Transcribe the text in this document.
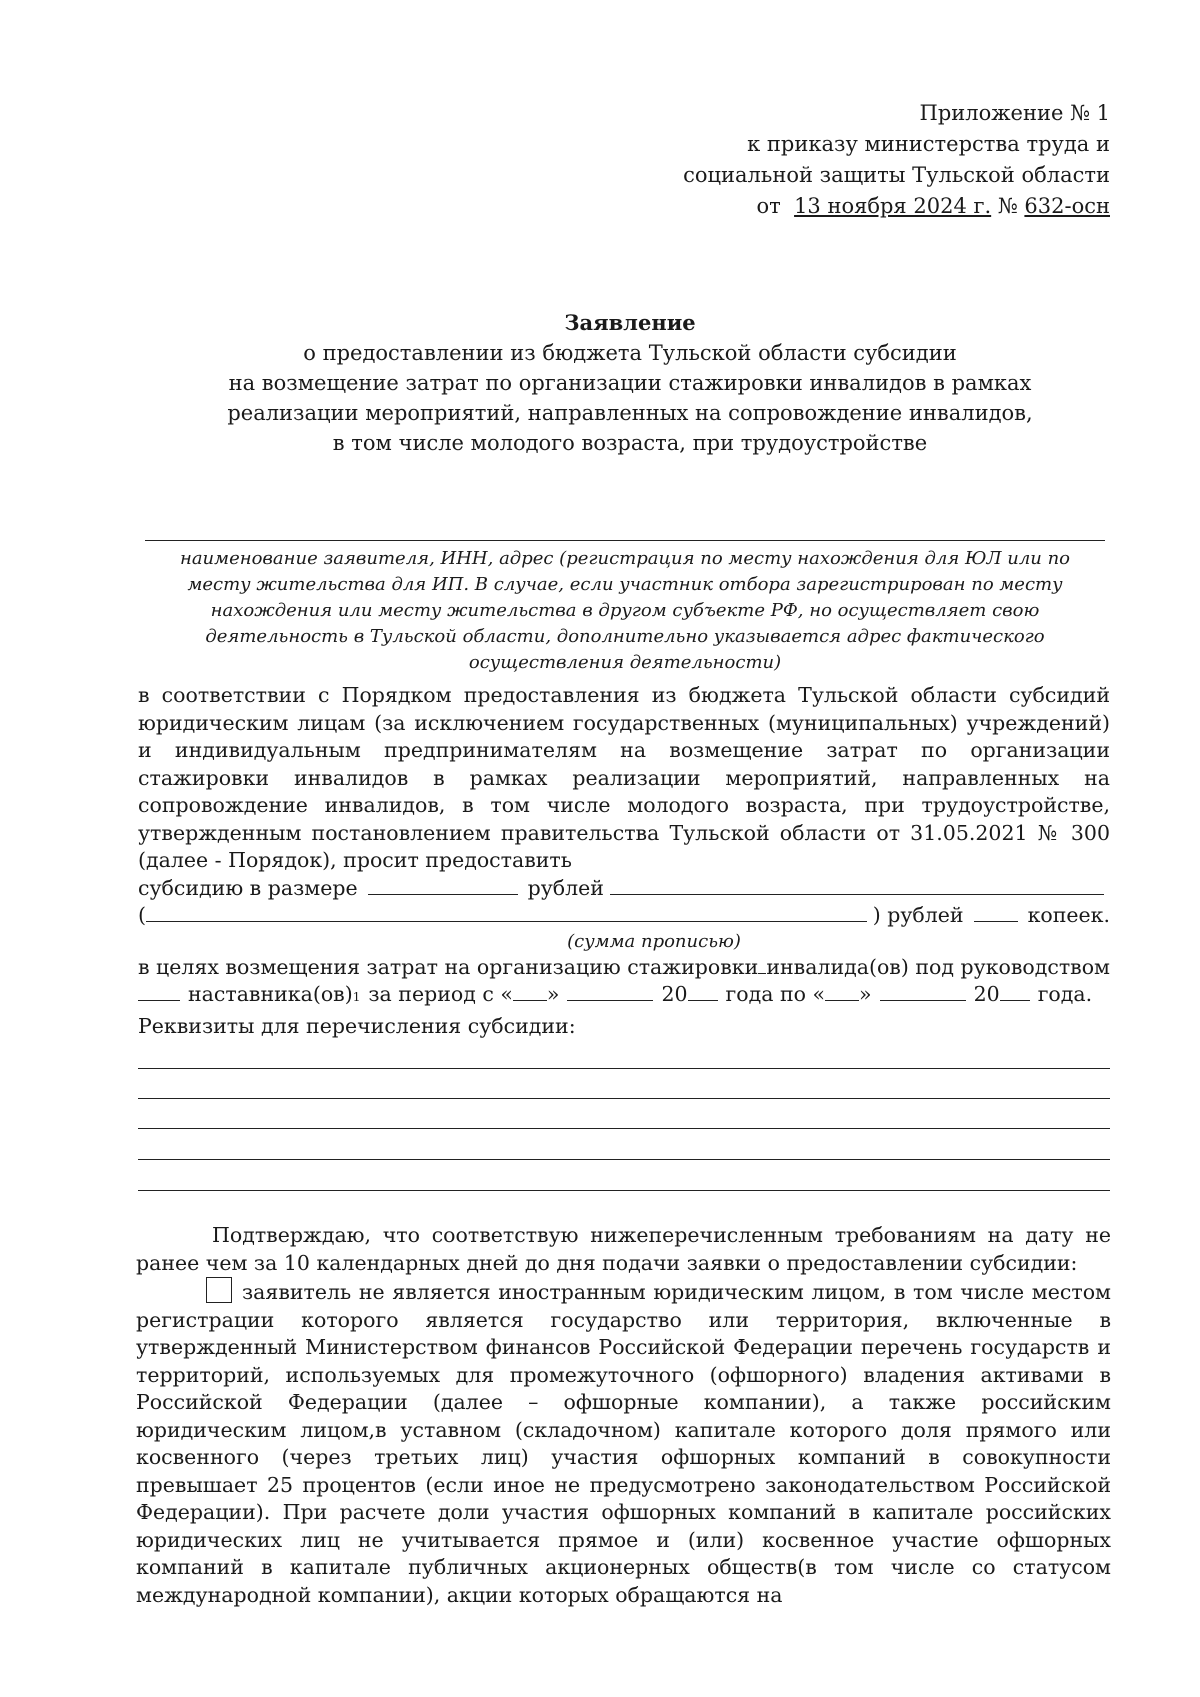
Приложение № 1
к приказу министерства труда и
социальной защиты Тульской области
от 13 ноября 2024 г. № 632-осн
Заявление
о предоставлении из бюджета Тульской области субсидии
на возмещение затрат по организации стажировки инвалидов в рамках
реализации мероприятий, направленных на сопровождение инвалидов,
в том числе молодого возраста, при трудоустройстве
наименование заявителя, ИНН, адрес (регистрация по месту нахождения для ЮЛ или по месту жительства для ИП. В случае, если участник отбора зарегистрирован по месту нахождения или месту жительства в другом субъекте РФ, но осуществляет свою деятельность в Тульской области, дополнительно указывается адрес фактического осуществления деятельности)

в соответствии с Порядком предоставления из бюджета Тульской области субсидий юридическим лицам (за исключением государственных (муниципальных) учреждений) и индивидуальным предпринимателям на возмещение затрат по организации стажировки инвалидов в рамках реализации мероприятий, направленных на сопровождение инвалидов, в том числе молодого возраста, при трудоустройстве, утвержденным постановлением правительства Тульской области от 31.05.2021 № 300 (далее - Порядок), просит предоставить

субсидию в размере	рублей
(	) рублей	копеек.
(сумма прописью)
в целях возмещения затрат на организацию стажировки инвалида(ов) под руководством
наставника(ов) 1 за период с « »	20 года по « »	20 года.
Реквизиты для перечисления субсидии:

Подтверждаю, что соответствую нижеперечисленным требованиям на дату не ранее чем за 10 календарных дней до дня подачи заявки о предоставлении субсидии:

заявитель не является иностранным юридическим лицом, в том числе местом регистрации которого является государство или территория, включенные в утвержденный Министерством финансов Российской Федерации перечень государств и территорий, используемых для промежуточного (офшорного) владения активами в Российской Федерации (далее – офшорные компании), а также российским юридическим лицом,в уставном (складочном) капитале которого доля прямого или косвенного (через третьих лиц) участия офшорных компаний в совокупности превышает 25 процентов (если иное не предусмотрено законодательством Российской Федерации). При расчете доли участия офшорных компаний в капитале российских юридических лиц не учитывается прямое и (или) косвенное участие офшорных компаний в капитале публичных акционерных обществ(в том числе со статусом международной компании), акции которых обращаются на
